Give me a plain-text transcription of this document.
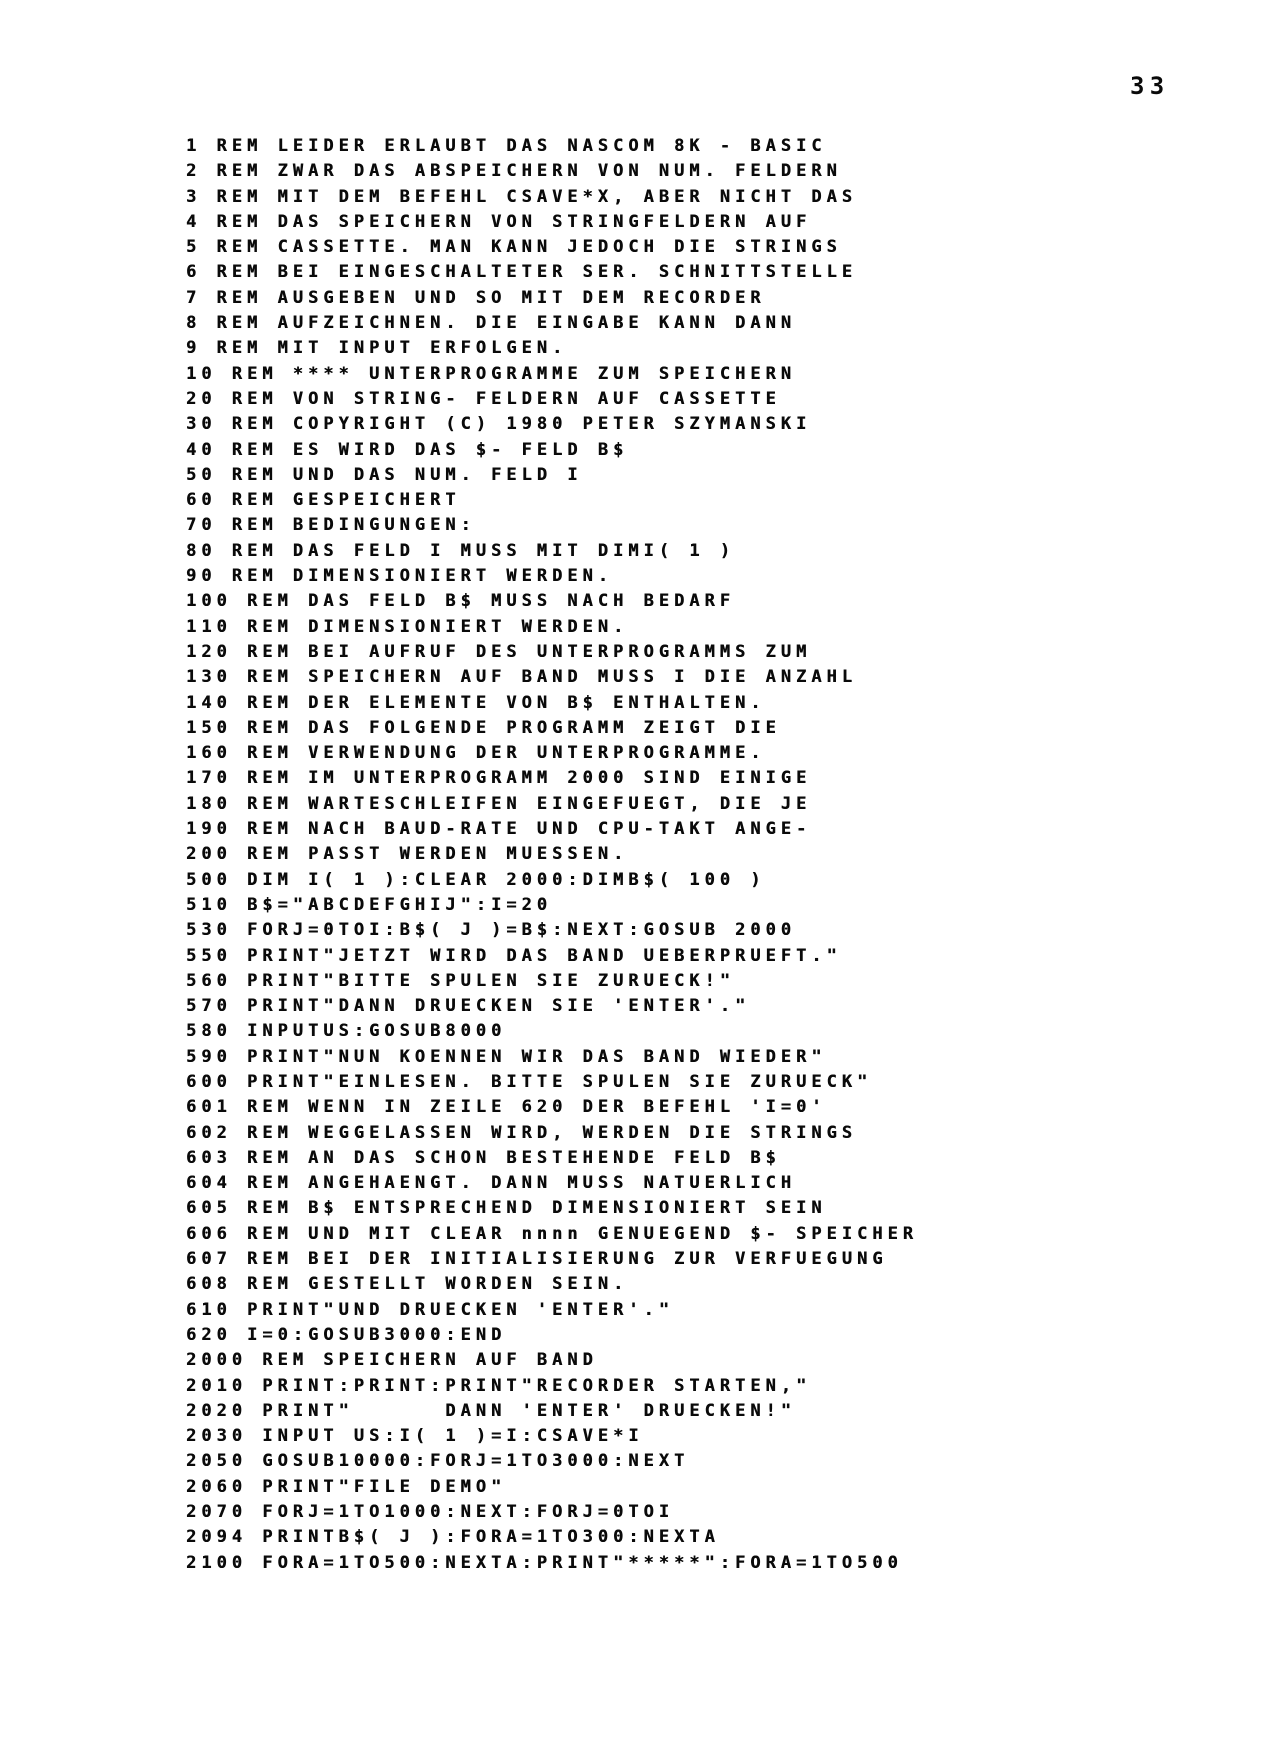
33
1 REM LEIDER ERLAUBT DAS NASCOM 8K - BASIC
2 REM ZWAR DAS ABSPEICHERN VON NUM. FELDERN
3 REM MIT DEM BEFEHL CSAVE*X, ABER NICHT DAS
4 REM DAS SPEICHERN VON STRINGFELDERN AUF
5 REM CASSETTE. MAN KANN JEDOCH DIE STRINGS
6 REM BEI EINGESCHALTETER SER. SCHNITTSTELLE
7 REM AUSGEBEN UND SO MIT DEM RECORDER
8 REM AUFZEICHNEN. DIE EINGABE KANN DANN
9 REM MIT INPUT ERFOLGEN.
10 REM **** UNTERPROGRAMME ZUM SPEICHERN
20 REM VON STRING- FELDERN AUF CASSETTE
30 REM COPYRIGHT (C) 1980 PETER SZYMANSKI
40 REM ES WIRD DAS $- FELD B$
50 REM UND DAS NUM. FELD I
60 REM GESPEICHERT
70 REM BEDINGUNGEN:
80 REM DAS FELD I MUSS MIT DIMI( 1 )
90 REM DIMENSIONIERT WERDEN.
100 REM DAS FELD B$ MUSS NACH BEDARF
110 REM DIMENSIONIERT WERDEN.
120 REM BEI AUFRUF DES UNTERPROGRAMMS ZUM
130 REM SPEICHERN AUF BAND MUSS I DIE ANZAHL
140 REM DER ELEMENTE VON B$ ENTHALTEN.
150 REM DAS FOLGENDE PROGRAMM ZEIGT DIE
160 REM VERWENDUNG DER UNTERPROGRAMME.
170 REM IM UNTERPROGRAMM 2000 SIND EINIGE
180 REM WARTESCHLEIFEN EINGEFUEGT, DIE JE
190 REM NACH BAUD-RATE UND CPU-TAKT ANGE-
200 REM PASST WERDEN MUESSEN.
500 DIM I( 1 ):CLEAR 2000:DIMB$( 100 )
510 B$="ABCDEFGHIJ":I=20
530 FORJ=0TOI:B$( J )=B$:NEXT:GOSUB 2000
550 PRINT"JETZT WIRD DAS BAND UEBERPRUEFT."
560 PRINT"BITTE SPULEN SIE ZURUECK!"
570 PRINT"DANN DRUECKEN SIE 'ENTER'."
580 INPUTUS:GOSUB8000
590 PRINT"NUN KOENNEN WIR DAS BAND WIEDER"
600 PRINT"EINLESEN. BITTE SPULEN SIE ZURUECK"
601 REM WENN IN ZEILE 620 DER BEFEHL 'I=0'
602 REM WEGGELASSEN WIRD, WERDEN DIE STRINGS
603 REM AN DAS SCHON BESTEHENDE FELD B$
604 REM ANGEHAENGT. DANN MUSS NATUERLICH
605 REM B$ ENTSPRECHEND DIMENSIONIERT SEIN
606 REM UND MIT CLEAR nnnn GENUEGEND $- SPEICHER
607 REM BEI DER INITIALISIERUNG ZUR VERFUEGUNG
608 REM GESTELLT WORDEN SEIN.
610 PRINT"UND DRUECKEN 'ENTER'."
620 I=0:GOSUB3000:END
2000 REM SPEICHERN AUF BAND
2010 PRINT:PRINT:PRINT"RECORDER STARTEN,"
2020 PRINT"      DANN 'ENTER' DRUECKEN!"
2030 INPUT US:I( 1 )=I:CSAVE*I
2050 GOSUB10000:FORJ=1TO3000:NEXT
2060 PRINT"FILE DEMO"
2070 FORJ=1TO1000:NEXT:FORJ=0TOI
2094 PRINTB$( J ):FORA=1TO300:NEXTA
2100 FORA=1TO500:NEXTA:PRINT"*****":FORA=1TO500
